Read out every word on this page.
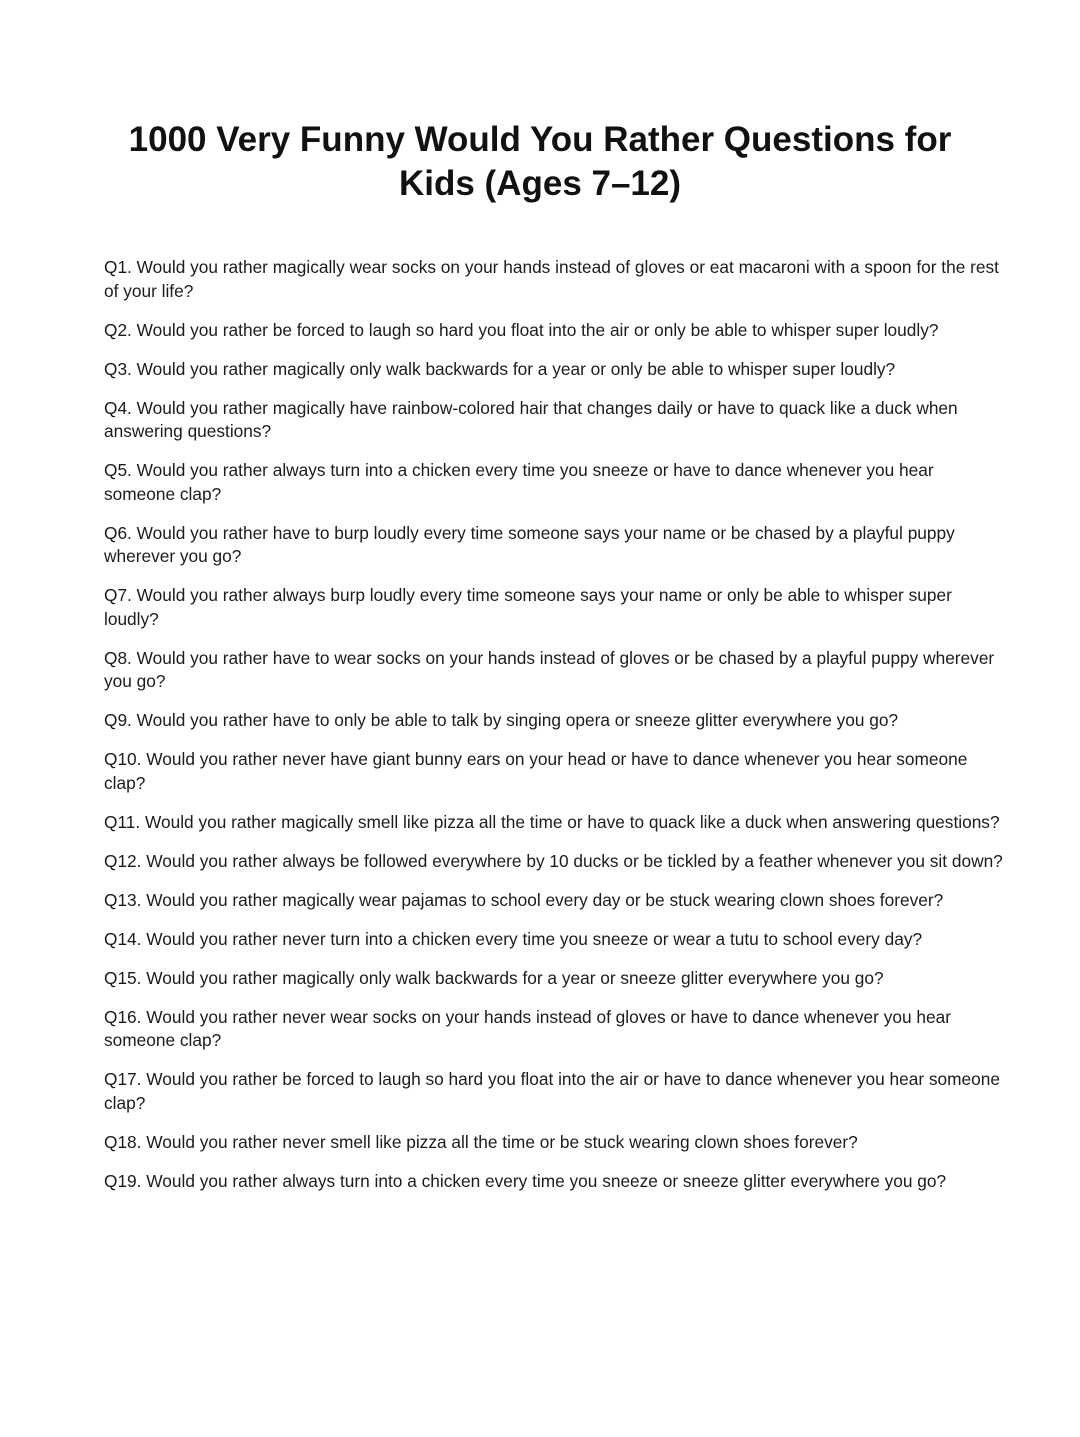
1000 Very Funny Would You Rather Questions for Kids (Ages 7–12)
Q1. Would you rather magically wear socks on your hands instead of gloves or eat macaroni with a spoon for the rest of your life?
Q2. Would you rather be forced to laugh so hard you float into the air or only be able to whisper super loudly?
Q3. Would you rather magically only walk backwards for a year or only be able to whisper super loudly?
Q4. Would you rather magically have rainbow-colored hair that changes daily or have to quack like a duck when answering questions?
Q5. Would you rather always turn into a chicken every time you sneeze or have to dance whenever you hear someone clap?
Q6. Would you rather have to burp loudly every time someone says your name or be chased by a playful puppy wherever you go?
Q7. Would you rather always burp loudly every time someone says your name or only be able to whisper super loudly?
Q8. Would you rather have to wear socks on your hands instead of gloves or be chased by a playful puppy wherever you go?
Q9. Would you rather have to only be able to talk by singing opera or sneeze glitter everywhere you go?
Q10. Would you rather never have giant bunny ears on your head or have to dance whenever you hear someone clap?
Q11. Would you rather magically smell like pizza all the time or have to quack like a duck when answering questions?
Q12. Would you rather always be followed everywhere by 10 ducks or be tickled by a feather whenever you sit down?
Q13. Would you rather magically wear pajamas to school every day or be stuck wearing clown shoes forever?
Q14. Would you rather never turn into a chicken every time you sneeze or wear a tutu to school every day?
Q15. Would you rather magically only walk backwards for a year or sneeze glitter everywhere you go?
Q16. Would you rather never wear socks on your hands instead of gloves or have to dance whenever you hear someone clap?
Q17. Would you rather be forced to laugh so hard you float into the air or have to dance whenever you hear someone clap?
Q18. Would you rather never smell like pizza all the time or be stuck wearing clown shoes forever?
Q19. Would you rather always turn into a chicken every time you sneeze or sneeze glitter everywhere you go?
